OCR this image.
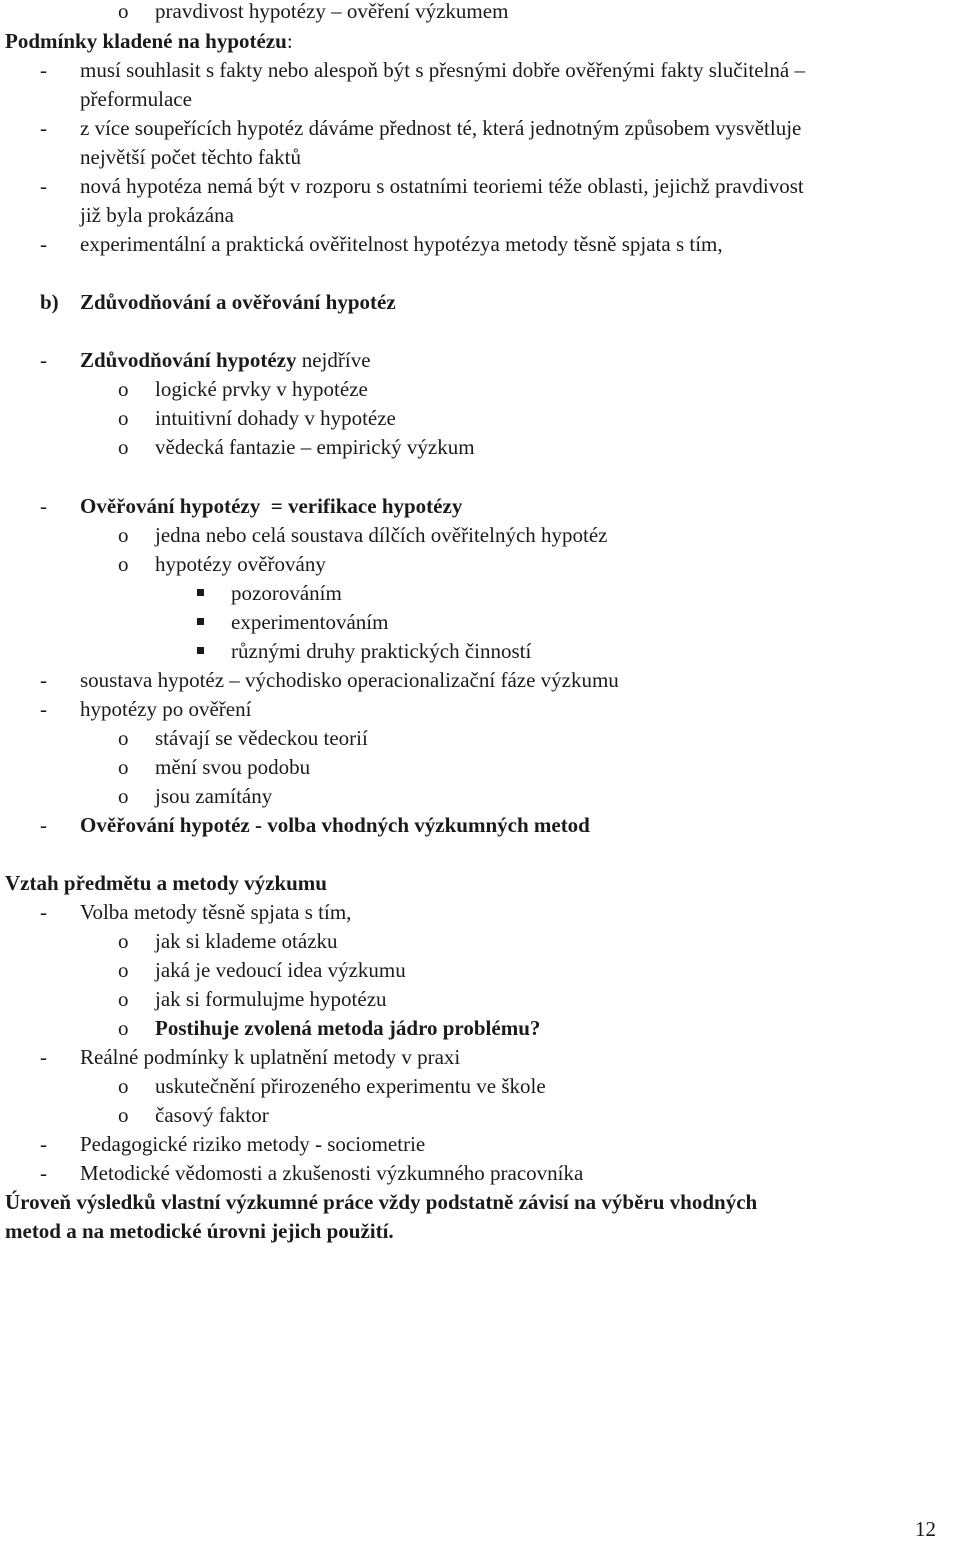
o pravdivost hypotézy – ověření výzkumem
Podmínky kladené na hypotézu:
- musí souhlasit s fakty nebo alespoň být s přesnými dobře ověřenými fakty slučitelná –
přeformulace
- z více soupeřících hypotéz dáváme přednost té, která jednotným způsobem vysvětluje
největší počet těchto faktů
- nová hypotéza nemá být v rozporu s ostatními teoriemi téže oblasti, jejichž pravdivost
již byla prokázána
- experimentální a praktická ověřitelnost hypotézya metody těsně spjata s tím,
b) Zdůvodňování a ověřování hypotéz
- Zdůvodňování hypotézy nejdříve
o logické prvky v hypotéze
o intuitivní dohady v hypotéze
o vědecká fantazie – empirický výzkum
- Ověřování hypotézy  = verifikace hypotézy
o jedna nebo celá soustava dílčích ověřitelných hypotéz
o hypotézy ověřovány
pozorováním
experimentováním
různými druhy praktických činností
- soustava hypotéz – východisko operacionalizační fáze výzkumu
- hypotézy po ověření
o stávají se vědeckou teorií
o mění svou podobu
o jsou zamítány
- Ověřování hypotéz - volba vhodných výzkumných metod
Vztah předmětu a metody výzkumu
- Volba metody těsně spjata s tím,
o jak si klademe otázku
o jaká je vedoucí idea výzkumu
o jak si formulujme hypotézu
o Postihuje zvolená metoda jádro problému?
- Reálné podmínky k uplatnění metody v praxi
o uskutečnění přirozeného experimentu ve škole
o časový faktor
- Pedagogické riziko metody - sociometrie
- Metodické vědomosti a zkušenosti výzkumného pracovníka
Úroveň výsledků vlastní výzkumné práce vždy podstatně závisí na výběru vhodných
metod a na metodické úrovni jejich použití.
12
